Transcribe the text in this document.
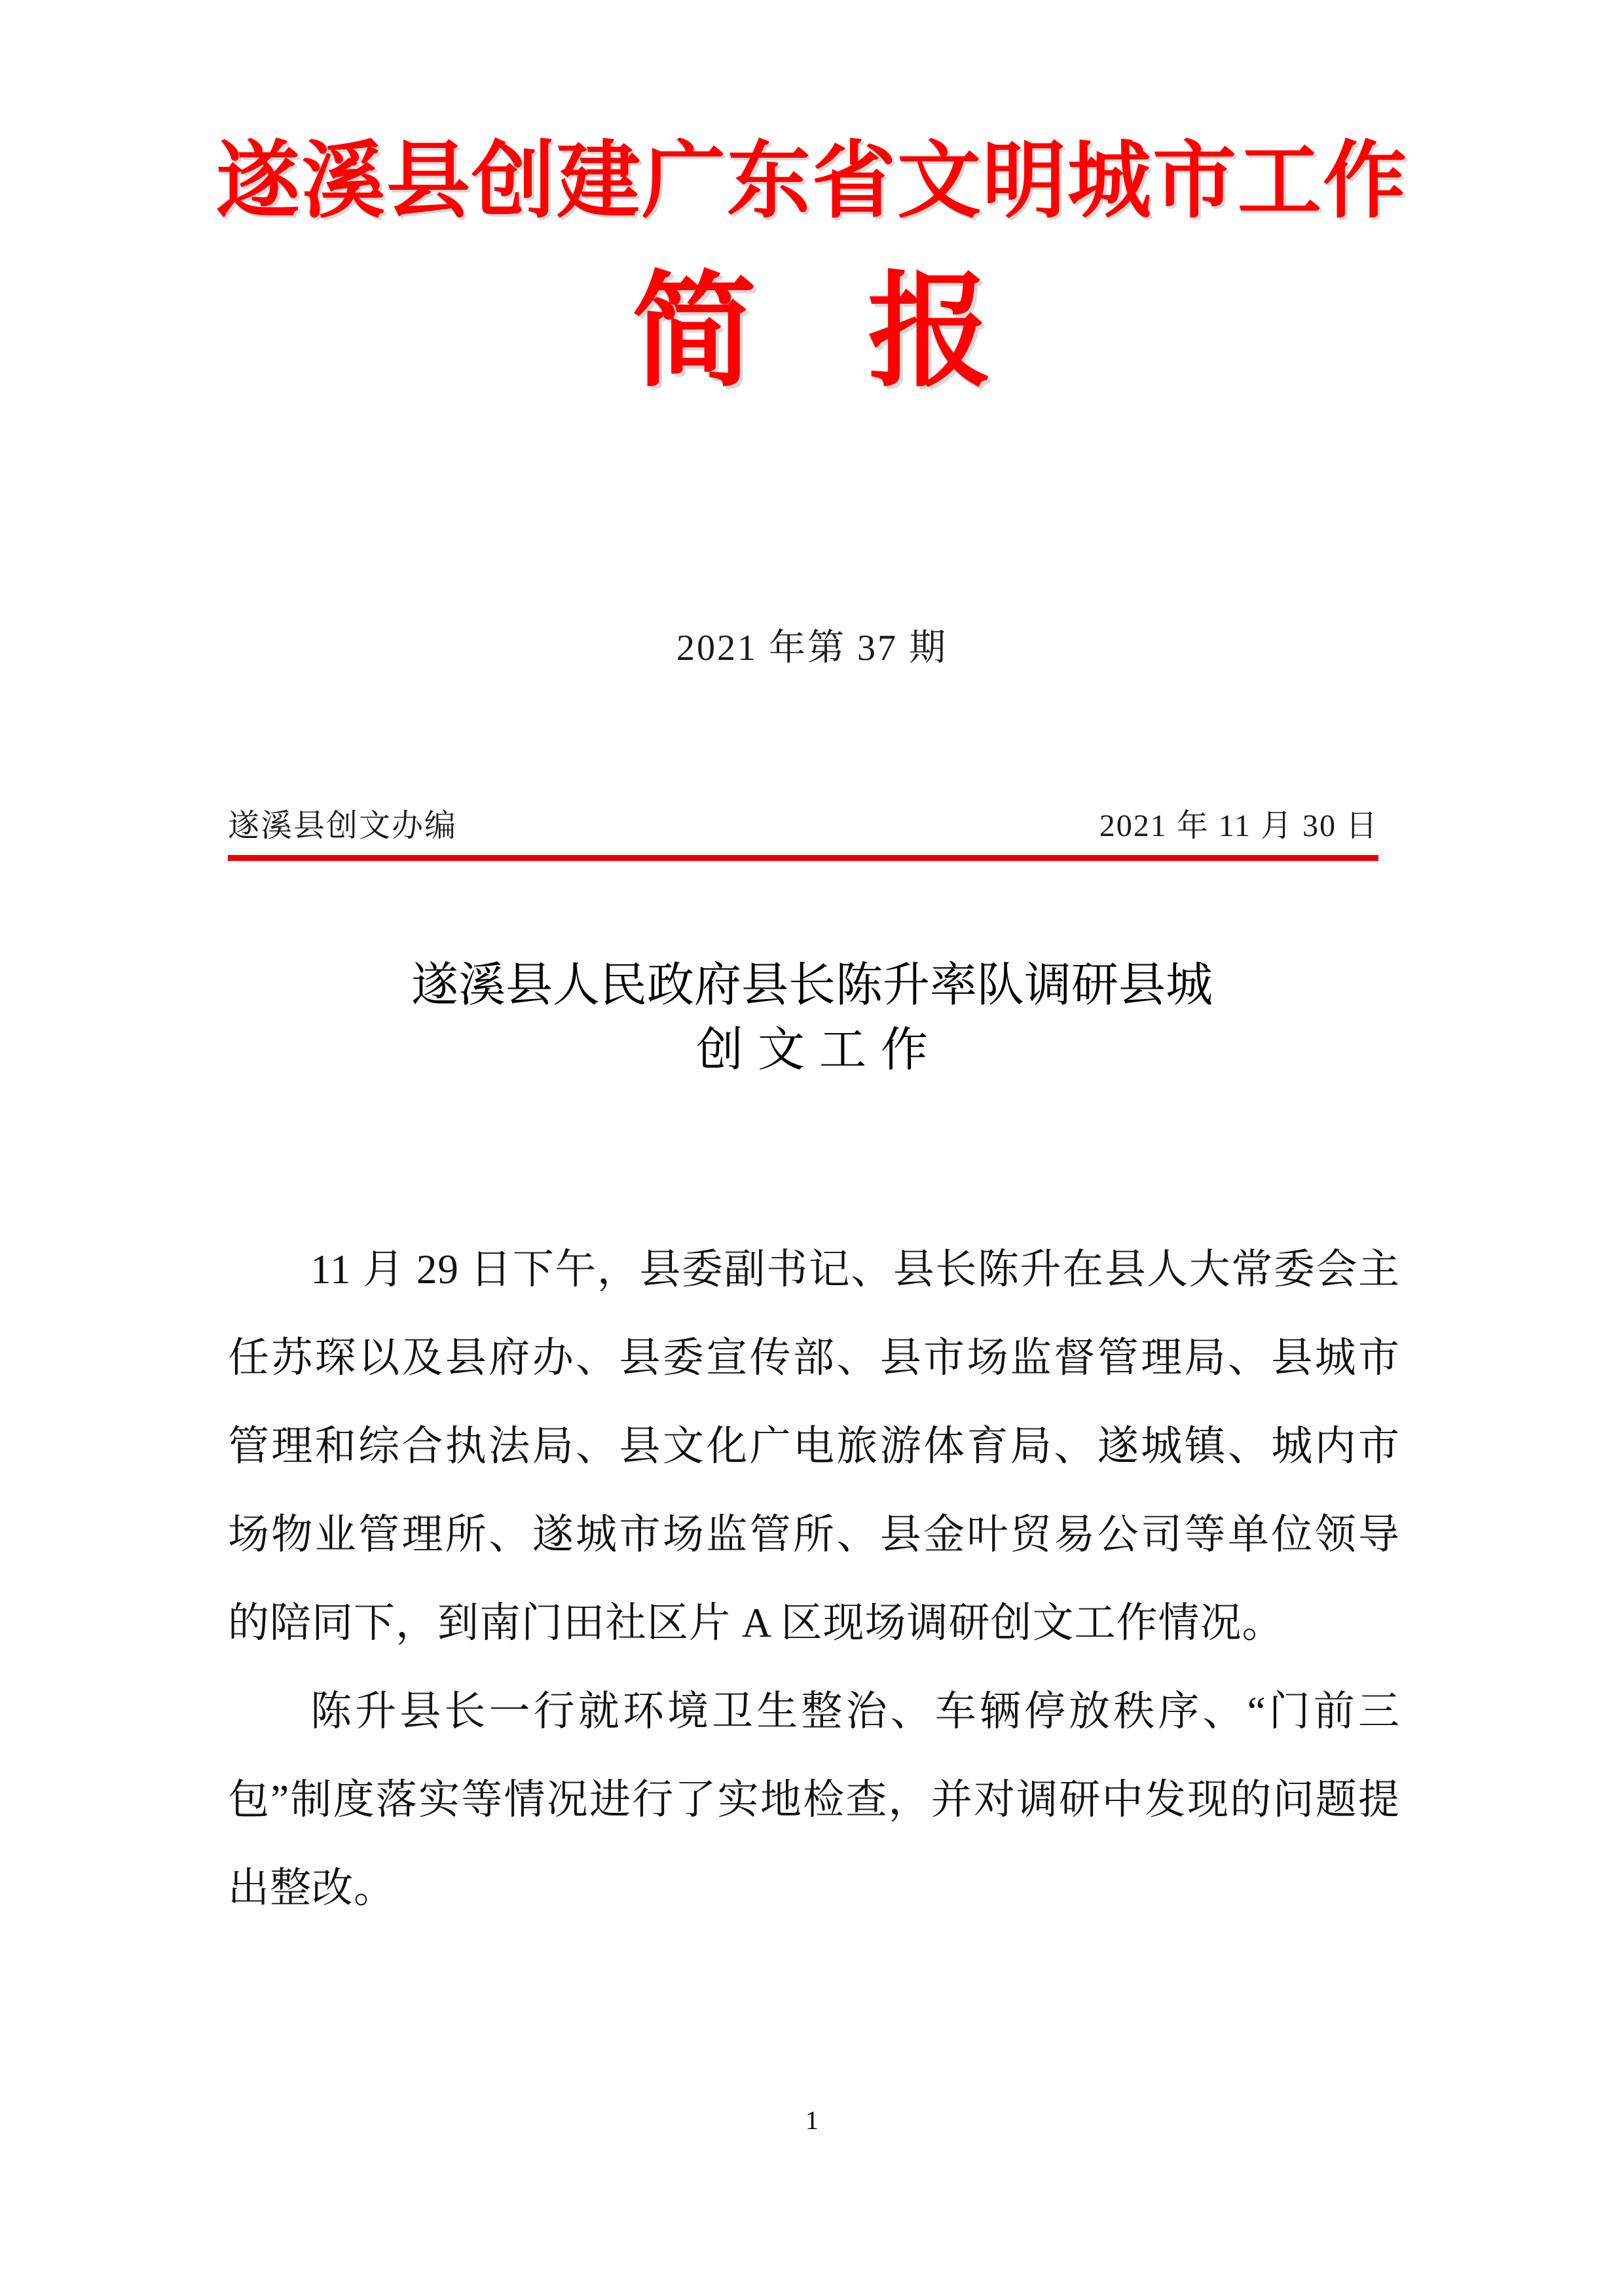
遂溪县创建广东省文明城市工作
简 报
2021 年第 37 期
遂溪县创文办编	2021 年 11 月 30 日
遂溪县人民政府县长陈升率队调研县城
创文工作

11 月 29 日下午，县委副书记、县长陈升在县人大常委会主任苏琛以及县府办、县委宣传部、县市场监督管理局、县城市管理和综合执法局、县文化广电旅游体育局、遂城镇、城内市场物业管理所、遂城市场监管所、县金叶贸易公司等单位领导的陪同下，到南门田社区片 A 区现场调研创文工作情况。

陈升县长一行就环境卫生整治、车辆停放秩序、“门前三包”制度落实等情况进行了实地检查，并对调研中发现的问题提出整改。

1
